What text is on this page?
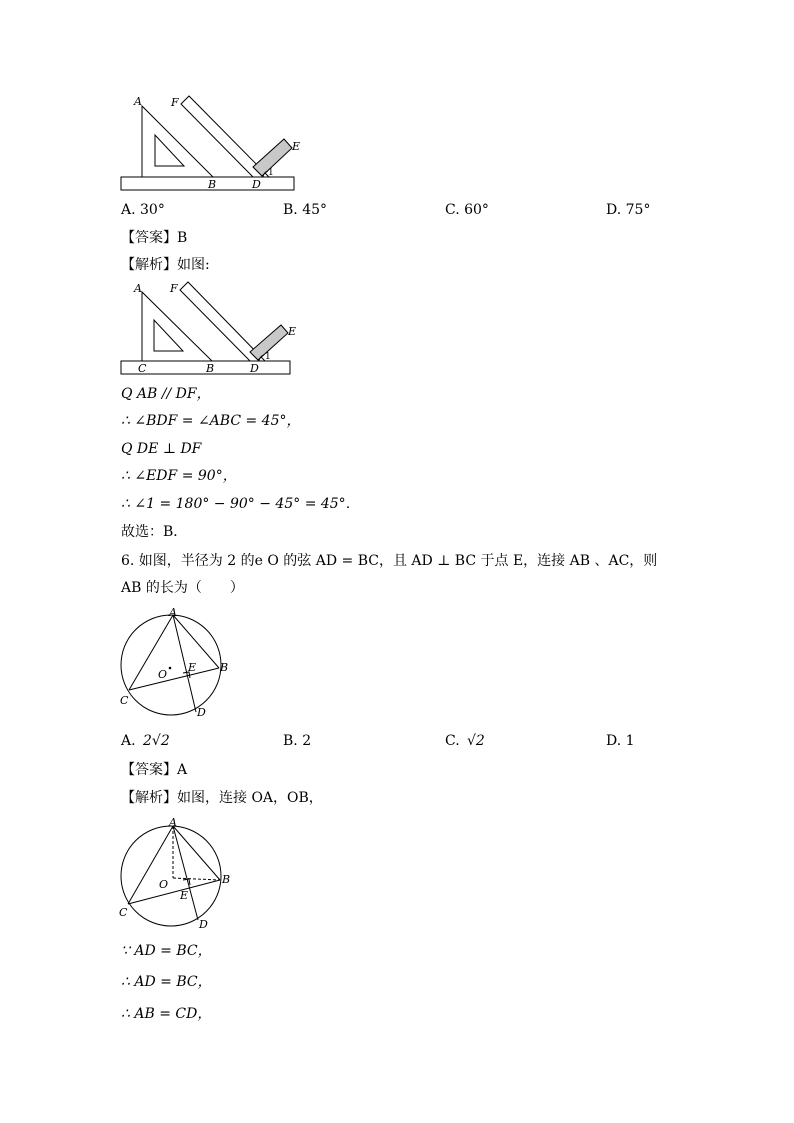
A	F
E
B	D
1
A. 30°	B. 45°	C. 60°	D. 75°
【答案】B
【解析】如图:
A	F
E
C	B	D
1
Q AB // DF，
∴ ∠BDF = ∠ABC = 45°，
Q DE ⊥ DF
∴ ∠EDF = 90°，
∴ ∠1 = 180° − 90° − 45° = 45°．
故选：B．
6. 如图，半径为 2 的e O 的弦 AD = BC，且 AD ⊥ BC 于点 E，连接 AB 、AC，则
AB 的长为（　　）
A
B
C
D
E
O
A. 2√2	B. 2	C. √2	D. 1
【答案】A
【解析】如图，连接 OA，OB，
A
B
C
D
E
O
∵ AD = BC，
∴ AD = BC，
∴ AB = CD，
